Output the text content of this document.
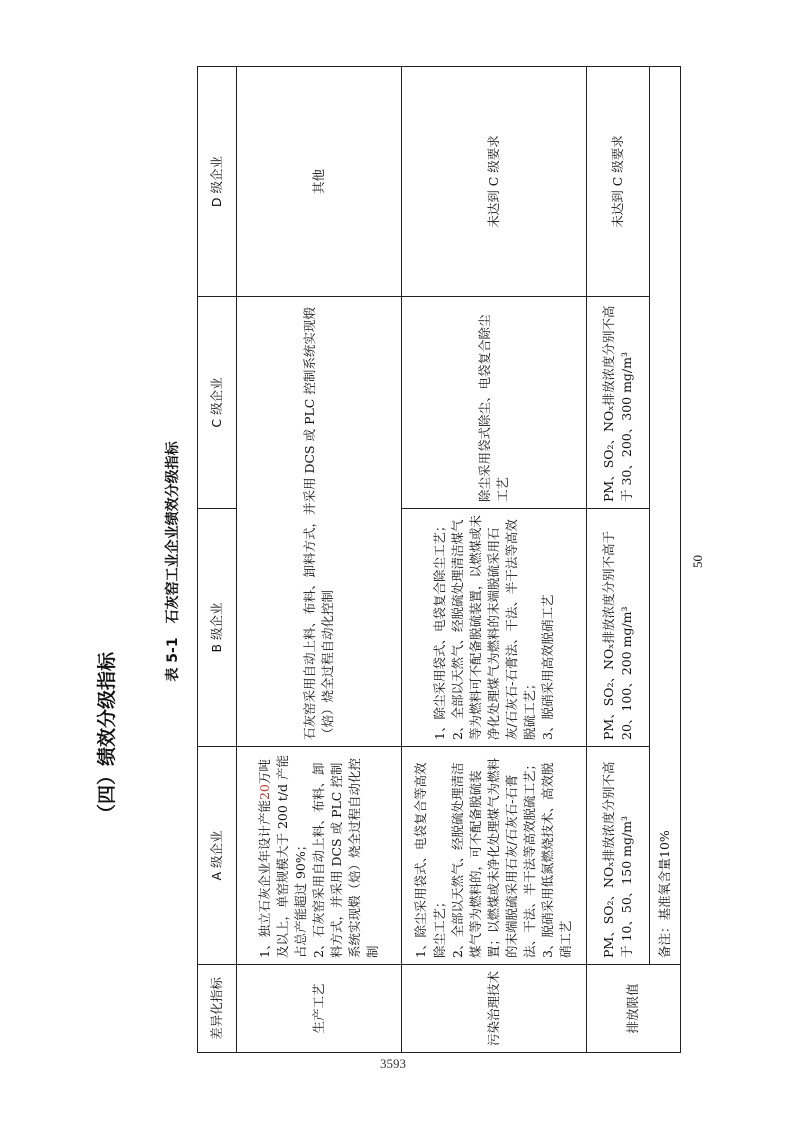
3593
（四）绩效分级指标
表 5-1　石灰窑工业企业绩效分级指标
差异化指标	A 级企业	B 级企业	C 级企业	D 级企业
生产工艺	1、独立石灰企业年设计产能20万吨及以上，单窑规模大于 200 t/d 产能占总产能超过 90%； 2、石灰窑采用自动上料、布料、卸料方式，并采用 DCS 或 PLC 控制系统实现煅（焙）烧全过程自动化控制	石灰窑采用自动上料、布料、卸料方式，并采用 DCS 或 PLC 控制系统实现煅（焙）烧全过程自动化控制		其他
污染治理技术	1、除尘采用袋式、电袋复合等高效除尘工艺； 2、全部以天然气、经脱硫处理清洁煤气等为燃料的，可不配备脱硫装置；以燃煤或未净化处理煤气为燃料的末端脱硫采用石灰/石灰石-石膏法、干法、半干法等高效脱硫工艺； 3、脱硝采用低氮燃烧技术、高效脱硝工艺	1、除尘采用袋式、电袋复合除尘工艺； 2、全部以天然气、经脱硫处理清洁煤气等为燃料可不配备脱硫装置，以燃煤或未净化处理煤气为燃料的末端脱硫采用石灰/石灰石-石膏法、干法、半干法等高效脱硫工艺； 3、脱硝采用高效脱硝工艺	除尘采用袋式除尘、电袋复合除尘工艺	未达到 C 级要求
排放限值	PM、SO₂、NOₓ排放浓度分别不高于 10、50、150 mg/m³	PM、SO₂、NOₓ排放浓度分别不高于 20、100、200 mg/m³	PM、SO₂、NOₓ排放浓度分别不高于 30、200、300 mg/m³	未达到 C 级要求
	备注：基准氧含量10%			
50
